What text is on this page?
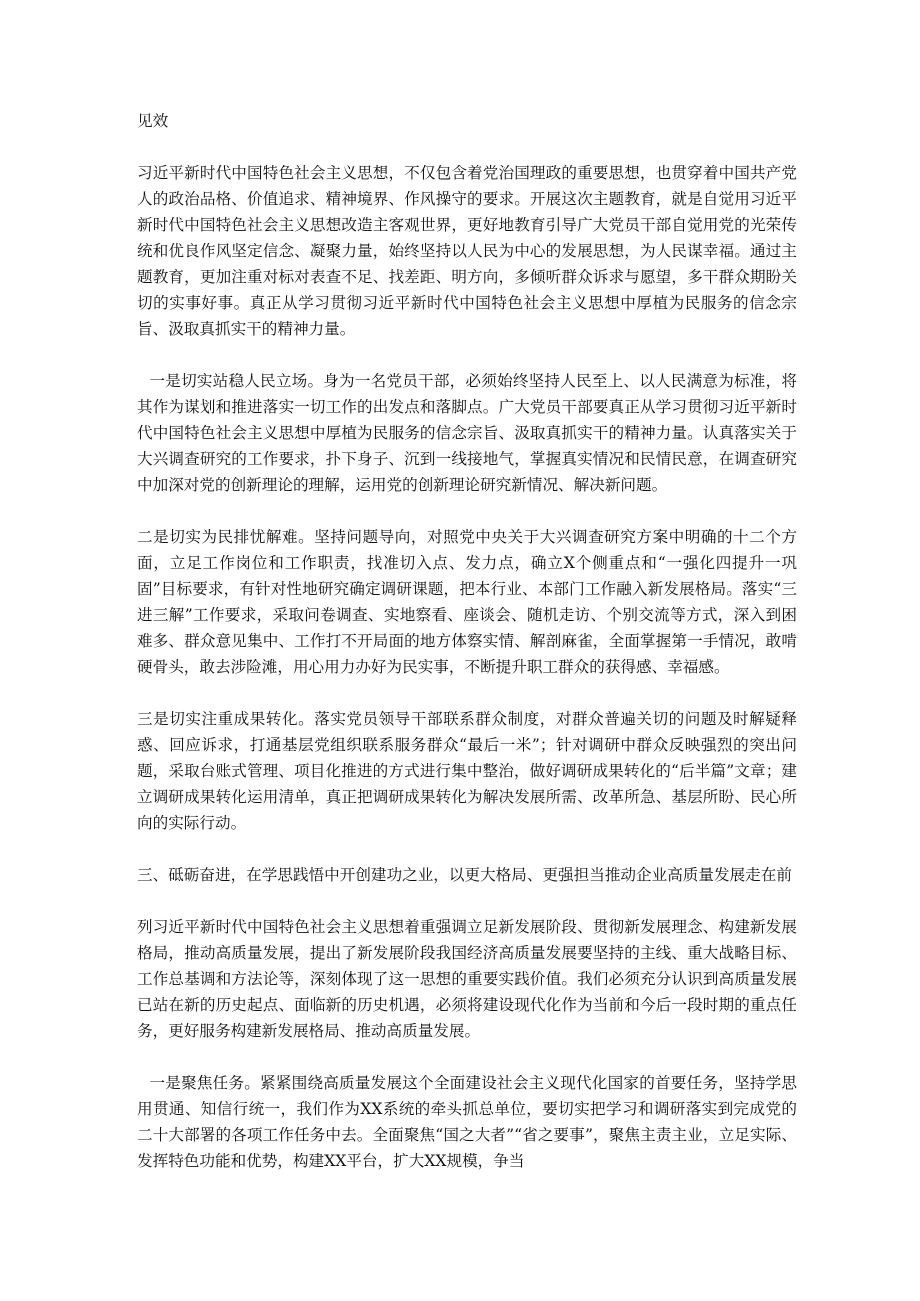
见效

习近平新时代中国特色社会主义思想，不仅包含着党治国理政的重要思想，也贯穿着中国共产党人的政治品格、价值追求、精神境界、作风操守的要求。开展这次主题教育，就是自觉用习近平新时代中国特色社会主义思想改造主客观世界，更好地教育引导广大党员干部自觉用党的光荣传统和优良作风坚定信念、凝聚力量，始终坚持以人民为中心的发展思想，为人民谋幸福。通过主题教育，更加注重对标对表查不足、找差距、明方向，多倾听群众诉求与愿望，多干群众期盼关切的实事好事。真正从学习贯彻习近平新时代中国特色社会主义思想中厚植为民服务的信念宗旨、汲取真抓实干的精神力量。

一是切实站稳人民立场。身为一名党员干部，必须始终坚持人民至上、以人民满意为标准，将其作为谋划和推进落实一切工作的出发点和落脚点。广大党员干部要真正从学习贯彻习近平新时代中国特色社会主义思想中厚植为民服务的信念宗旨、汲取真抓实干的精神力量。认真落实关于大兴调查研究的工作要求，扑下身子、沉到一线接地气，掌握真实情况和民情民意，在调查研究中加深对党的创新理论的理解，运用党的创新理论研究新情况、解决新问题。

二是切实为民排忧解难。坚持问题导向，对照党中央关于大兴调查研究方案中明确的十二个方面，立足工作岗位和工作职责，找准切入点、发力点，确立X个侧重点和“一强化四提升一巩固”目标要求，有针对性地研究确定调研课题，把本行业、本部门工作融入新发展格局。落实“三进三解”工作要求，采取问卷调查、实地察看、座谈会、随机走访、个别交流等方式，深入到困难多、群众意见集中、工作打不开局面的地方体察实情、解剖麻雀，全面掌握第一手情况，敢啃硬骨头，敢去涉险滩，用心用力办好为民实事，不断提升职工群众的获得感、幸福感。

三是切实注重成果转化。落实党员领导干部联系群众制度，对群众普遍关切的问题及时解疑释惑、回应诉求，打通基层党组织联系服务群众“最后一米”；针对调研中群众反映强烈的突出问题，采取台账式管理、项目化推进的方式进行集中整治，做好调研成果转化的“后半篇”文章；建立调研成果转化运用清单，真正把调研成果转化为解决发展所需、改革所急、基层所盼、民心所向的实际行动。

三、砥砺奋进，在学思践悟中开创建功之业，以更大格局、更强担当推动企业高质量发展走在前

列习近平新时代中国特色社会主义思想着重强调立足新发展阶段、贯彻新发展理念、构建新发展格局，推动高质量发展，提出了新发展阶段我国经济高质量发展要坚持的主线、重大战略目标、工作总基调和方法论等，深刻体现了这一思想的重要实践价值。我们必须充分认识到高质量发展已站在新的历史起点、面临新的历史机遇，必须将建设现代化作为当前和今后一段时期的重点任务，更好服务构建新发展格局、推动高质量发展。

一是聚焦任务。紧紧围绕高质量发展这个全面建设社会主义现代化国家的首要任务，坚持学思用贯通、知信行统一，我们作为XX系统的牵头抓总单位，要切实把学习和调研落实到完成党的二十大部署的各项工作任务中去。全面聚焦“国之大者”“省之要事”，聚焦主责主业，立足实际、发挥特色功能和优势，构建XX平台，扩大XX规模，争当
